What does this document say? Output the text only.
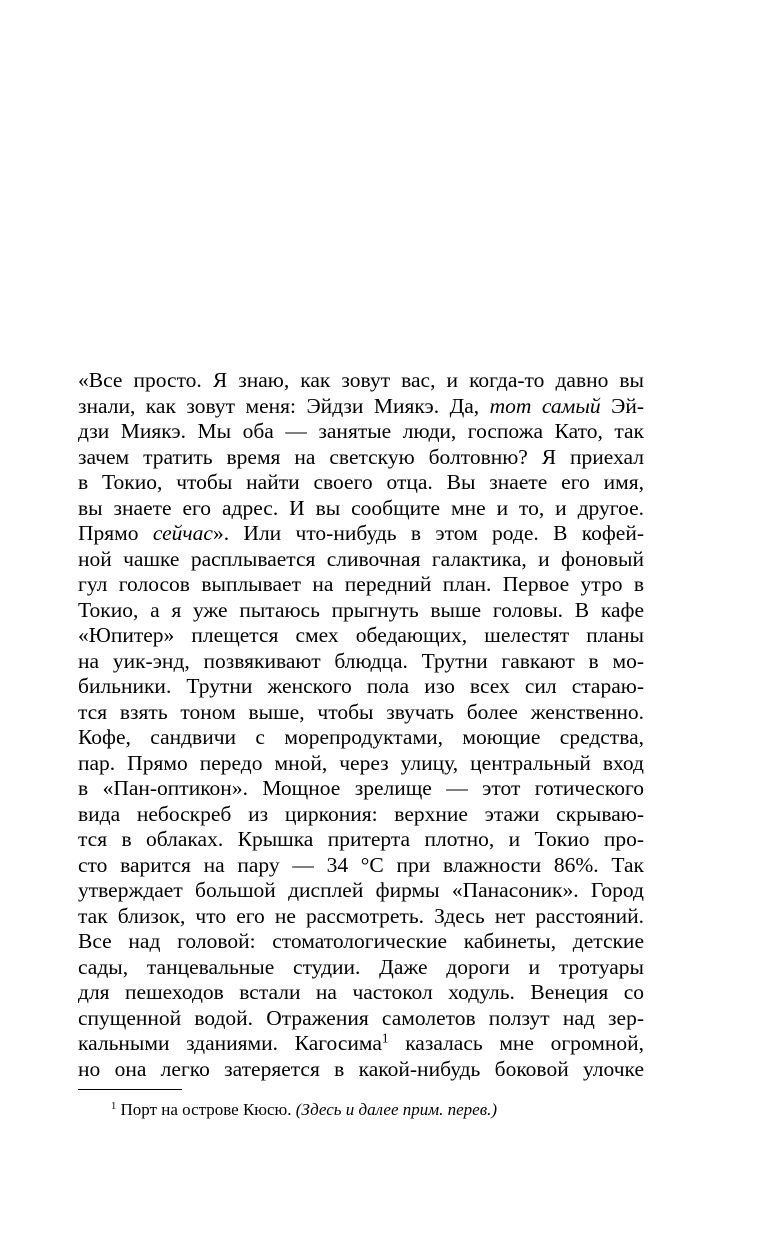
«Все просто. Я знаю, как зовут вас, и когда-то давно вы
знали, как зовут меня: Эйдзи Миякэ. Да, тот самый Эй-
дзи Миякэ. Мы оба — занятые люди, госпожа Като, так
зачем тратить время на светскую болтовню? Я приехал
в Токио, чтобы найти своего отца. Вы знаете его имя,
вы знаете его адрес. И вы сообщите мне и то, и другое.
Прямо сейчас». Или что-нибудь в этом роде. В кофей-
ной чашке расплывается сливочная галактика, и фоновый
гул голосов выплывает на передний план. Первое утро в
Токио, а я уже пытаюсь прыгнуть выше головы. В кафе
«Юпитер» плещется смех обедающих, шелестят планы
на уик-энд, позвякивают блюдца. Трутни гавкают в мо-
бильники. Трутни женского пола изо всех сил стараю-
тся взять тоном выше, чтобы звучать более женственно.
Кофе, сандвичи с морепродуктами, моющие средства,
пар. Прямо передо мной, через улицу, центральный вход
в «Пан-оптикон». Мощное зрелище — этот готического
вида небоскреб из циркония: верхние этажи скрываю-
тся в облаках. Крышка притерта плотно, и Токио про-
сто варится на пару — 34 °C при влажности 86%. Так
утверждает большой дисплей фирмы «Панасоник». Город
так близок, что его не рассмотреть. Здесь нет расстояний.
Все над головой: стоматологические кабинеты, детские
сады, танцевальные студии. Даже дороги и тротуары
для пешеходов встали на частокол ходуль. Венеция со
спущенной водой. Отражения самолетов ползут над зер-
кальными зданиями. Кагосима$^1$ казалась мне огромной,
но она легко затеряется в какой-нибудь боковой улочке
$^1$ Порт на острове Кюсю. (Здесь и далее прим. перев.)
